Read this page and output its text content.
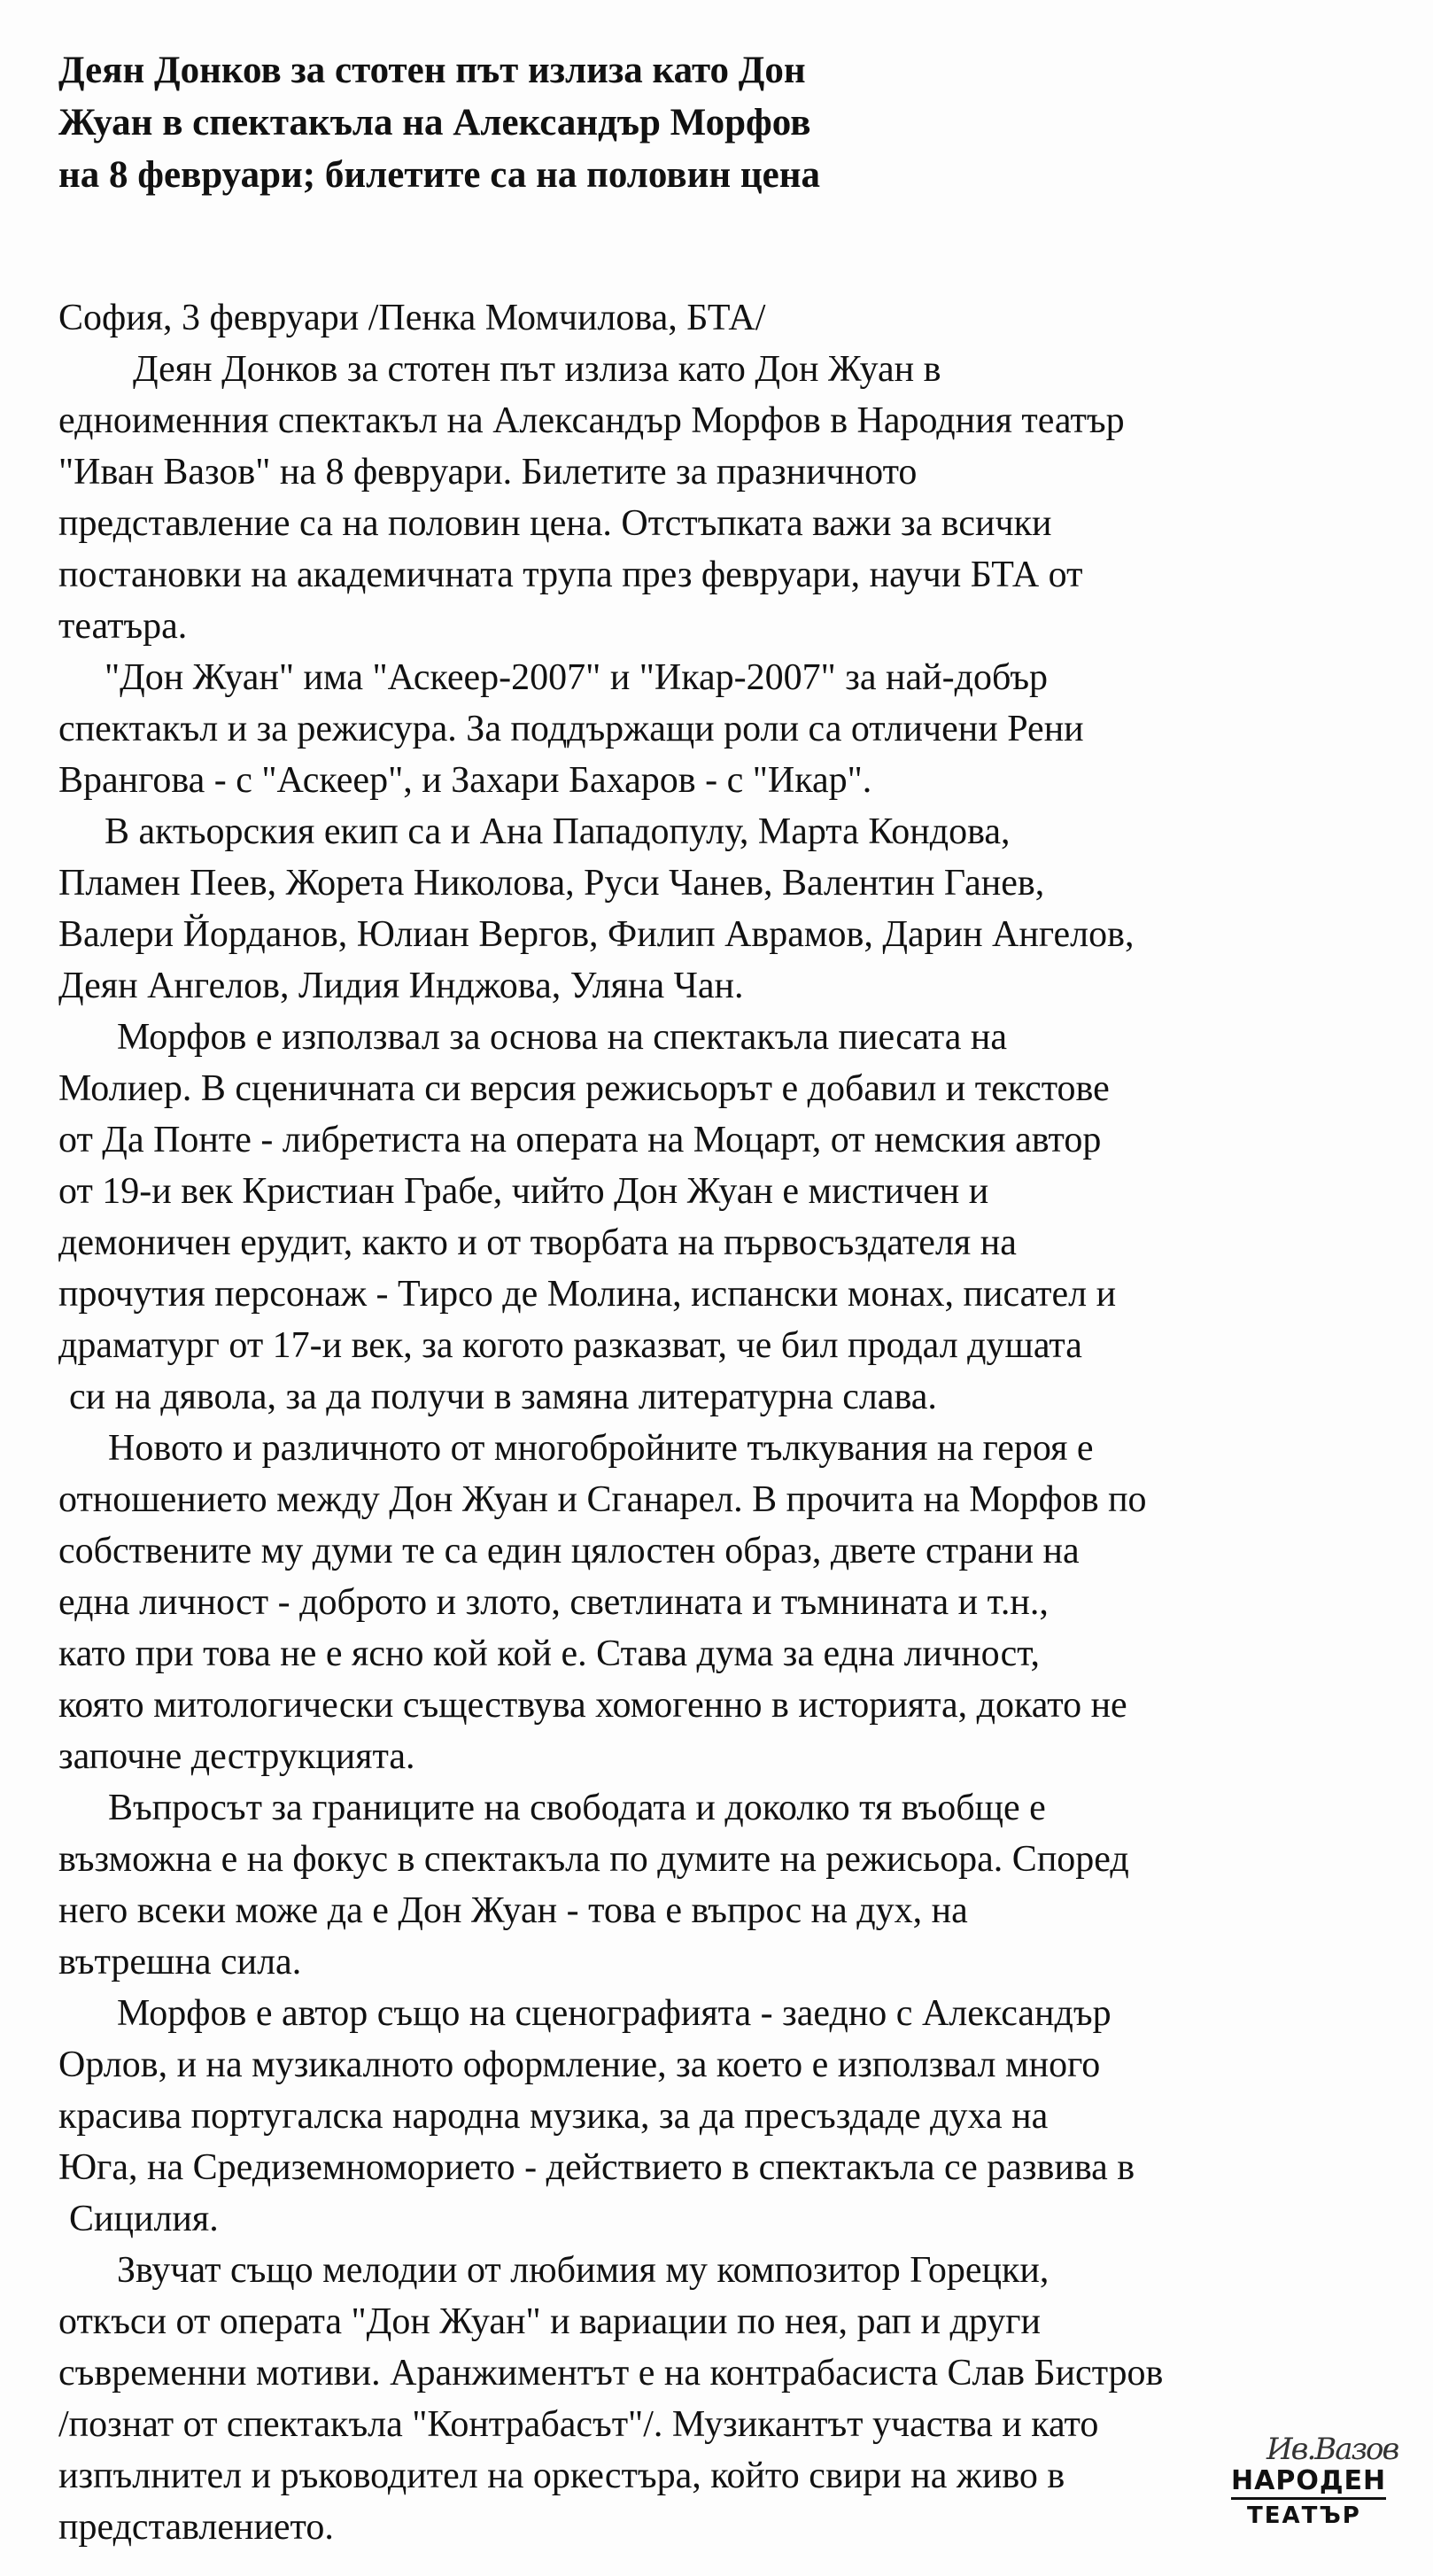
Деян Донков за стотен път излиза като Дон
Жуан в спектакъла на Александър Морфов
на 8 февруари; билетите са на половин цена
София, 3 февруари /Пенка Момчилова, БТА/
Деян Донков за стотен път излиза като Дон Жуан в
едноименния спектакъл на Александър Морфов в Народния театър
"Иван Вазов" на 8 февруари. Билетите за празничното
представление са на половин цена. Отстъпката важи за всички
постановки на академичната трупа през февруари, научи БТА от
театъра.
"Дон Жуан" има "Аскеер-2007" и "Икар-2007" за най-добър
спектакъл и за режисура. За поддържащи роли са отличени Рени
Врангова - с "Аскеер", и Захари Бахаров - с "Икар".
В актьорския екип са и Ана Пападопулу, Марта Кондова,
Пламен Пеев, Жорета Николова, Руси Чанев, Валентин Ганев,
Валери Йорданов, Юлиан Вергов, Филип Аврамов, Дарин Ангелов,
Деян Ангелов, Лидия Инджова, Уляна Чан.
Морфов е използвал за основа на спектакъла пиесата на
Молиер. В сценичната си версия режисьорът е добавил и текстове
от Да Понте - либретиста на операта на Моцарт, от немския автор
от 19-и век Кристиан Грабе, чийто Дон Жуан е мистичен и
демоничен ерудит, както и от творбата на първосъздателя на
прочутия персонаж - Тирсо де Молина, испански монах, писател и
драматург от 17-и век, за когото разказват, че бил продал душата
си на дявола, за да получи в замяна литературна слава.
Новото и различното от многобройните тълкувания на героя е
отношението между Дон Жуан и Сганарел. В прочита на Морфов по
собствените му думи те са един цялостен образ, двете страни на
една личност - доброто и злото, светлината и тъмнината и т.н.,
като при това не е ясно кой кой е. Става дума за една личност,
която митологически съществува хомогенно в историята, докато не
започне деструкцията.
Въпросът за границите на свободата и доколко тя въобще е
възможна е на фокус в спектакъла по думите на режисьора. Според
него всеки може да е Дон Жуан - това е въпрос на дух, на
вътрешна сила.
Морфов е автор също на сценографията - заедно с Александър
Орлов, и на музикалното оформление, за което е използвал много
красива португалска народна музика, за да пресъздаде духа на
Юга, на Средиземноморието - действието в спектакъла се развива в
Сицилия.
Звучат също мелодии от любимия му композитор Горецки,
откъси от операта "Дон Жуан" и вариации по нея, рап и други
съвременни мотиви. Аранжиментът е на контрабасиста Слав Бистров
/познат от спектакъла "Контрабасът"/. Музикантът участва и като
изпълнител и ръководител на оркестъра, който свири на живо в
представлението.
Ив.Вазов
НАРОДЕН
ТЕАТЪР
